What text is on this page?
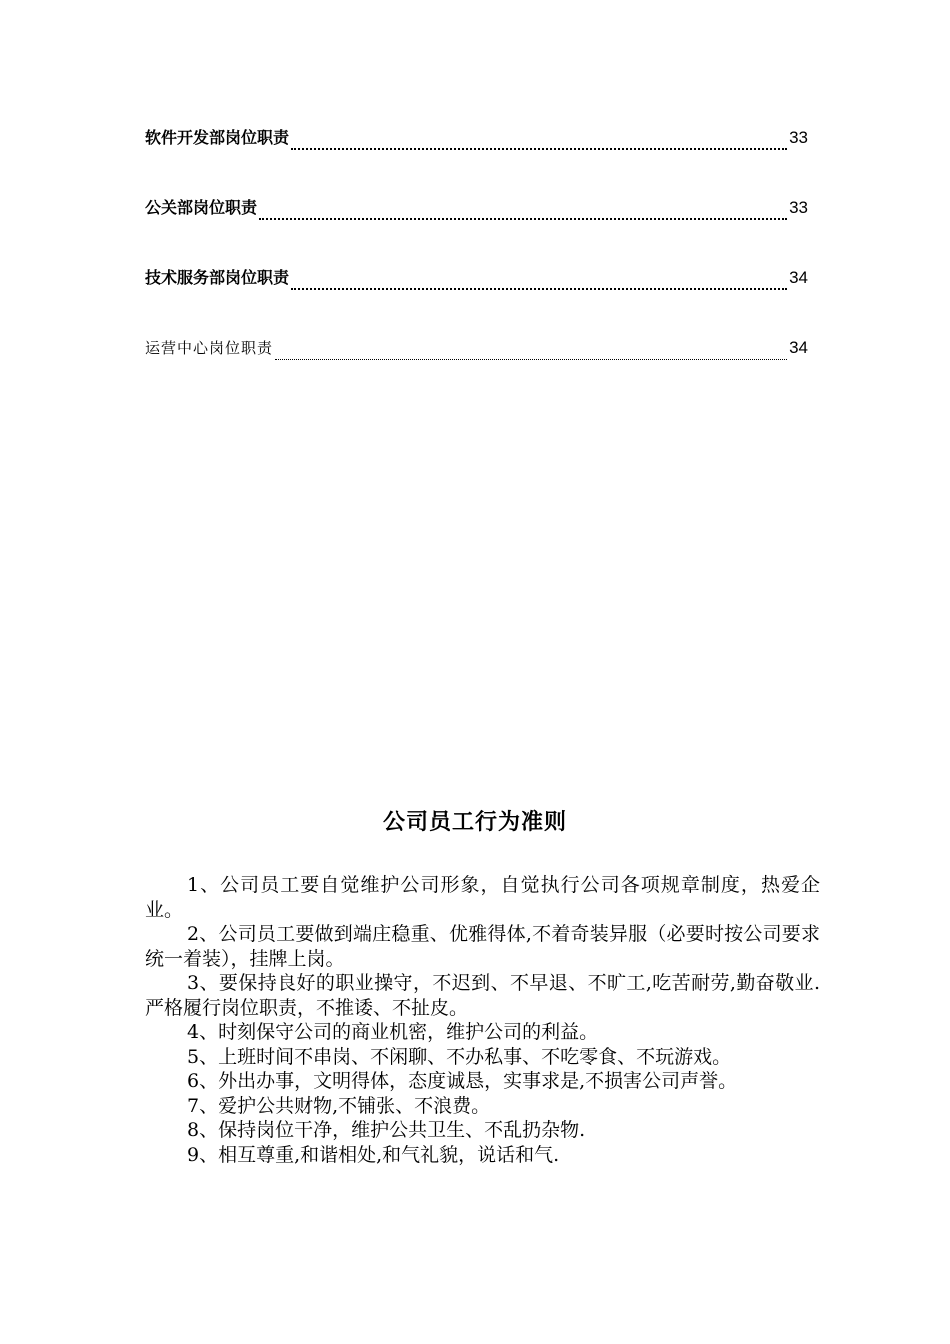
软件开发部岗位职责	33
公关部岗位职责	33
技术服务部岗位职责	34
运营中心岗位职责	34
公司员工行为准则

1、公司员工要自觉维护公司形象，自觉执行公司各项规章制度，热爱企业。

2、公司员工要做到端庄稳重、优雅得体,不着奇装异服（必要时按公司要求统一着装），挂牌上岗。

3、要保持良好的职业操守，不迟到、不早退、不旷工,吃苦耐劳,勤奋敬业.严格履行岗位职责，不推诿、不扯皮。

4、时刻保守公司的商业机密，维护公司的利益。

5、上班时间不串岗、不闲聊、不办私事、不吃零食、不玩游戏。

6、外出办事，文明得体，态度诚恳，实事求是,不损害公司声誉。

7、爱护公共财物,不铺张、不浪费。

8、保持岗位干净，维护公共卫生、不乱扔杂物.

9、相互尊重,和谐相处,和气礼貌，说话和气.
